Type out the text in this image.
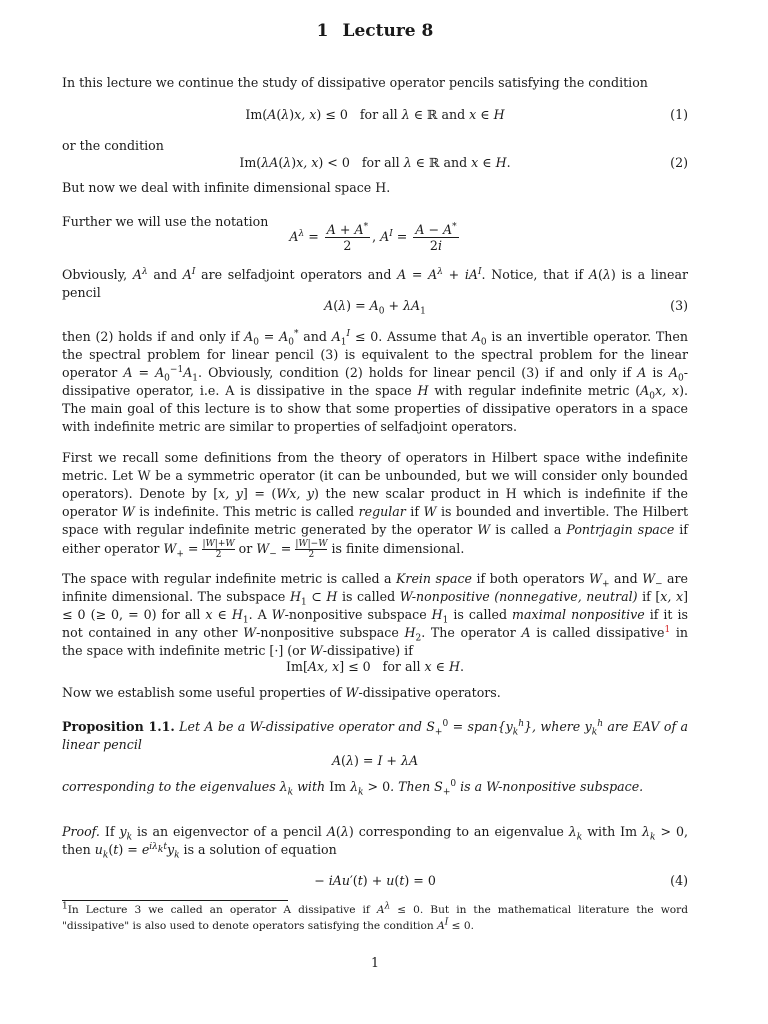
1 Lecture 8

In this lecture we continue the study of dissipative operator pencils satisfying the condition

Im(A(λ)x, x) ≤ 0   for all λ ∈ ℝ and x ∈ H	(1)

or the condition

Im(λA(λ)x, x) < 0   for all λ ∈ ℝ and x ∈ H.	(2)

But now we deal with infinite dimensional space H.

Further we will use the notation

$A^\lambda = \frac{A + A^*}{2}$ , $A^I = \frac{A - A^*}{2i}$

Obviously, $A^\lambda$ and $A^I$ are selfadjoint operators and $A = A^\lambda + iA^I$. Notice, that if A(λ) is a linear pencil

$A(\lambda) = A_0 + \lambda A_1$	(3)

then (2) holds if and only if $A_0 = A_0^*$ and $A_1^I \le 0$. Assume that $A_0$ is an invertible operator. Then the spectral problem for linear pencil (3) is equivalent to the spectral problem for the linear operator $A = A_0^{-1}A_1$. Obviously, condition (2) holds for linear pencil (3) if and only if A is $A_0$-dissipative operator, i.e. A is dissipative in the space H with regular indefinite metric ($A_0x$, x). The main goal of this lecture is to show that some properties of dissipative operators in a space with indefinite metric are similar to properties of selfadjoint operators.

First we recall some definitions from the theory of operators in Hilbert space withe indefinite metric. Let W be a symmetric operator (it can be unbounded, but we will consider only bounded operators). Denote by [x, y] = (Wx, y) the new scalar product in H which is indefinite if the operator W is indefinite. This metric is called regular if W is bounded and invertible. The Hilbert space with regular indefinite metric generated by the operator W is called a Pontrjagin space if either operator $W_+ = \frac{|W|+W}{2}$ or $W_- = \frac{|W|-W}{2}$ is finite dimensional.

The space with regular indefinite metric is called a Krein space if both operators $W_+$ and $W_-$ are infinite dimensional. The subspace $H_1$ ⊂ H is called W-nonpositive (nonnegative, neutral) if [x, x] ≤ 0 (≥ 0, = 0) for all x ∈ $H_1$. A W-nonpositive subspace $H_1$ is called maximal nonpositive if it is not contained in any other W-nonpositive subspace $H_2$. The operator A is called dissipative$^1$ in the space with indefinite metric [·] (or W-dissipative) if

Im[Ax, x] ≤ 0   for all x ∈ H.

Now we establish some useful properties of W-dissipative operators.

Proposition 1.1. Let A be a W-dissipative operator and $S_+^0$ = $span\{y_k^h\}$, where $y_k^h$ are EAV of a linear pencil

A(λ) = I + λA

corresponding to the eigenvalues $\lambda_k$ with Im $\lambda_k > 0$. Then $S_+^0$ is a W-nonpositive subspace.

Proof. If $y_k$ is an eigenvector of a pencil A(λ) corresponding to an eigenvalue $\lambda_k$ with Im $\lambda_k > 0$, then $u_k(t) = e^{i\lambda_kt}y_k$ is a solution of equation

− iAu′(t) + u(t) = 0	(4)
$^1$In Lecture 3 we called an operator A dissipative if $A^\lambda \le 0$. But in the mathematical literature the word "dissipative" is also used to denote operators satisfying the condition $A^I \le 0$.
1
